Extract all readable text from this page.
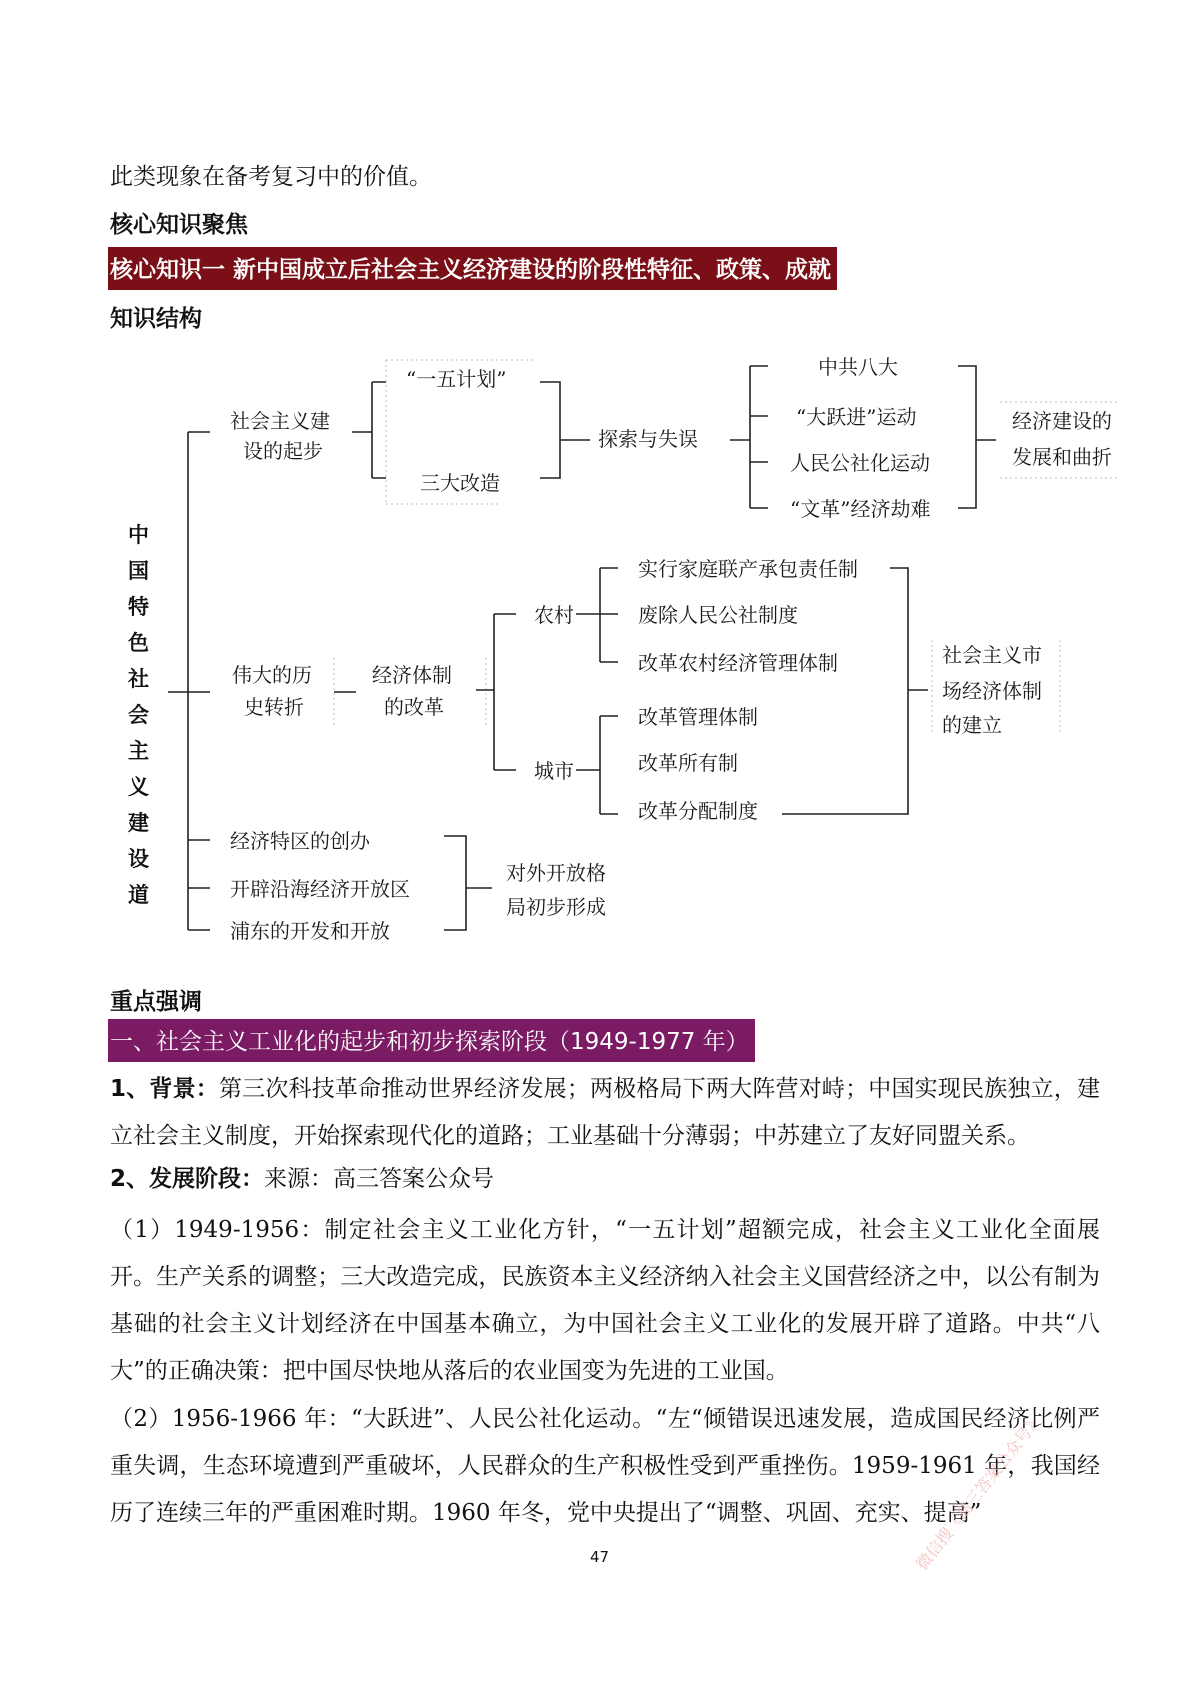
此类现象在备考复习中的价值。
核心知识聚焦
核心知识一 新中国成立后社会主义经济建设的阶段性特征、政策、成就
知识结构
中
国
特
色
社
会
主
义
建
设
道
社会主义建
设的起步
“一五计划”
三大改造
探索与失误
中共八大
“大跃进”运动
人民公社化运动
“文革”经济劫难
经济建设的
发展和曲折
伟大的历
史转折
经济体制
的改革
农村
城市
实行家庭联产承包责任制
废除人民公社制度
改革农村经济管理体制
改革管理体制
改革所有制
改革分配制度
社会主义市
场经济体制
的建立
经济特区的创办
开辟沿海经济开放区
浦东的开发和开放
对外开放格
局初步形成
重点强调
一、社会主义工业化的起步和初步探索阶段（1949-1977 年）
1、背景：第三次科技革命推动世界经济发展；两极格局下两大阵营对峙；中国实现民族独立，建立社会主义制度，开始探索现代化的道路；工业基础十分薄弱；中苏建立了友好同盟关系。
2、发展阶段：来源：高三答案公众号
（1）1949-1956：制定社会主义工业化方针，“一五计划”超额完成，社会主义工业化全面展开。生产关系的调整；三大改造完成，民族资本主义经济纳入社会主义国营经济之中，以公有制为基础的社会主义计划经济在中国基本确立，为中国社会主义工业化的发展开辟了道路。中共“八大”的正确决策：把中国尽快地从落后的农业国变为先进的工业国。
（2）1956-1966 年：“大跃进”、人民公社化运动。“左“倾错误迅速发展，造成国民经济比例严重失调，生态环境遭到严重破坏，人民群众的生产积极性受到严重挫伤。1959-1961 年，我国经历了连续三年的严重困难时期。1960 年冬，党中央提出了“调整、巩固、充实、提高”
47	微信搜《高三答案公众号》
